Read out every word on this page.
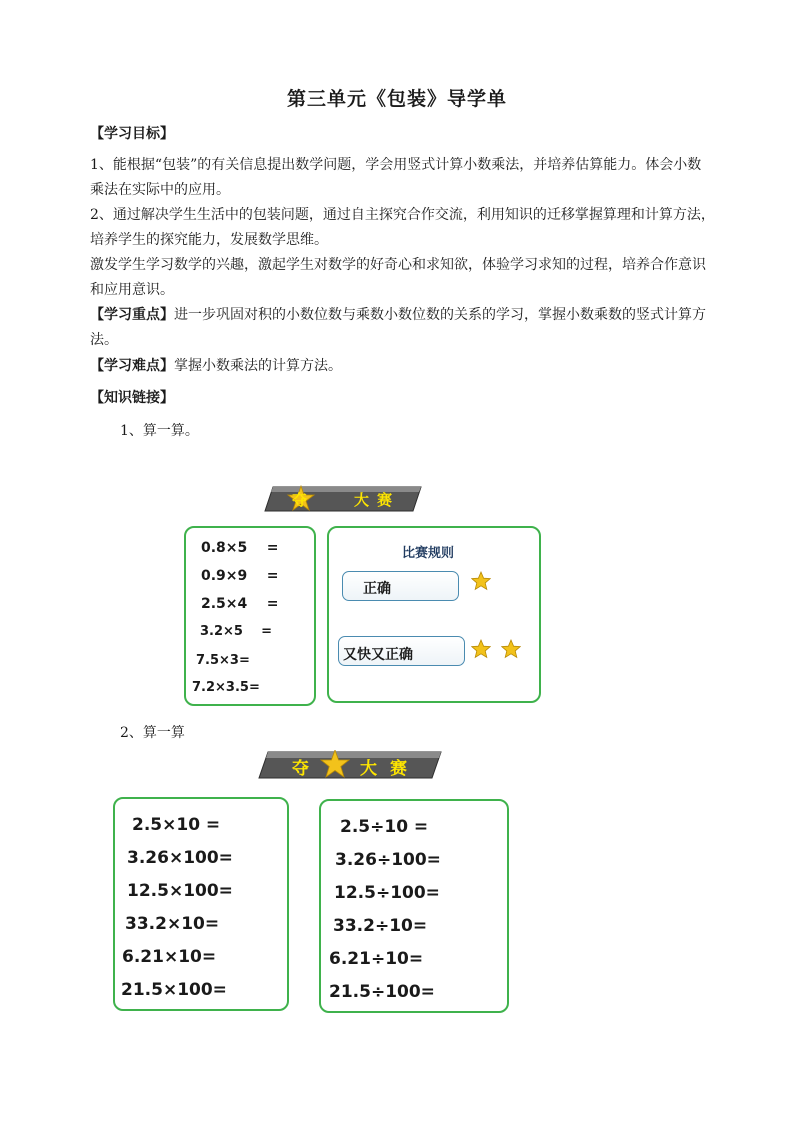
第三单元《包装》导学单
【学习目标】
1、能根据“包装”的有关信息提出数学问题，学会用竖式计算小数乘法，并培养估算能力。体会小数乘法在实际中的应用。
2、通过解决学生生活中的包装问题，通过自主探究合作交流，利用知识的迁移掌握算理和计算方法，培养学生的探究能力，发展数学思维。
激发学生学习数学的兴趣，激起学生对数学的好奇心和求知欲，体验学习求知的过程，培养合作意识和应用意识。
【学习重点】进一步巩固对积的小数位数与乘数小数位数的关系的学习，掌握小数乘数的竖式计算方法。
【学习难点】掌握小数乘法的计算方法。
【知识链接】
1、算一算。
夺	大 赛
0.8×5    =
0.9×9    =
2.5×4    =
3.2×5    =
7.5×3=
7.2×3.5=
比赛规则
正确
又快又正确
2、算一算
夺	大 赛
2.5×10 =
3.26×100=
12.5×100=
33.2×10=
6.21×10=
21.5×100=
2.5÷10 =
3.26÷100=
12.5÷100=
33.2÷10=
6.21÷10=
21.5÷100=
